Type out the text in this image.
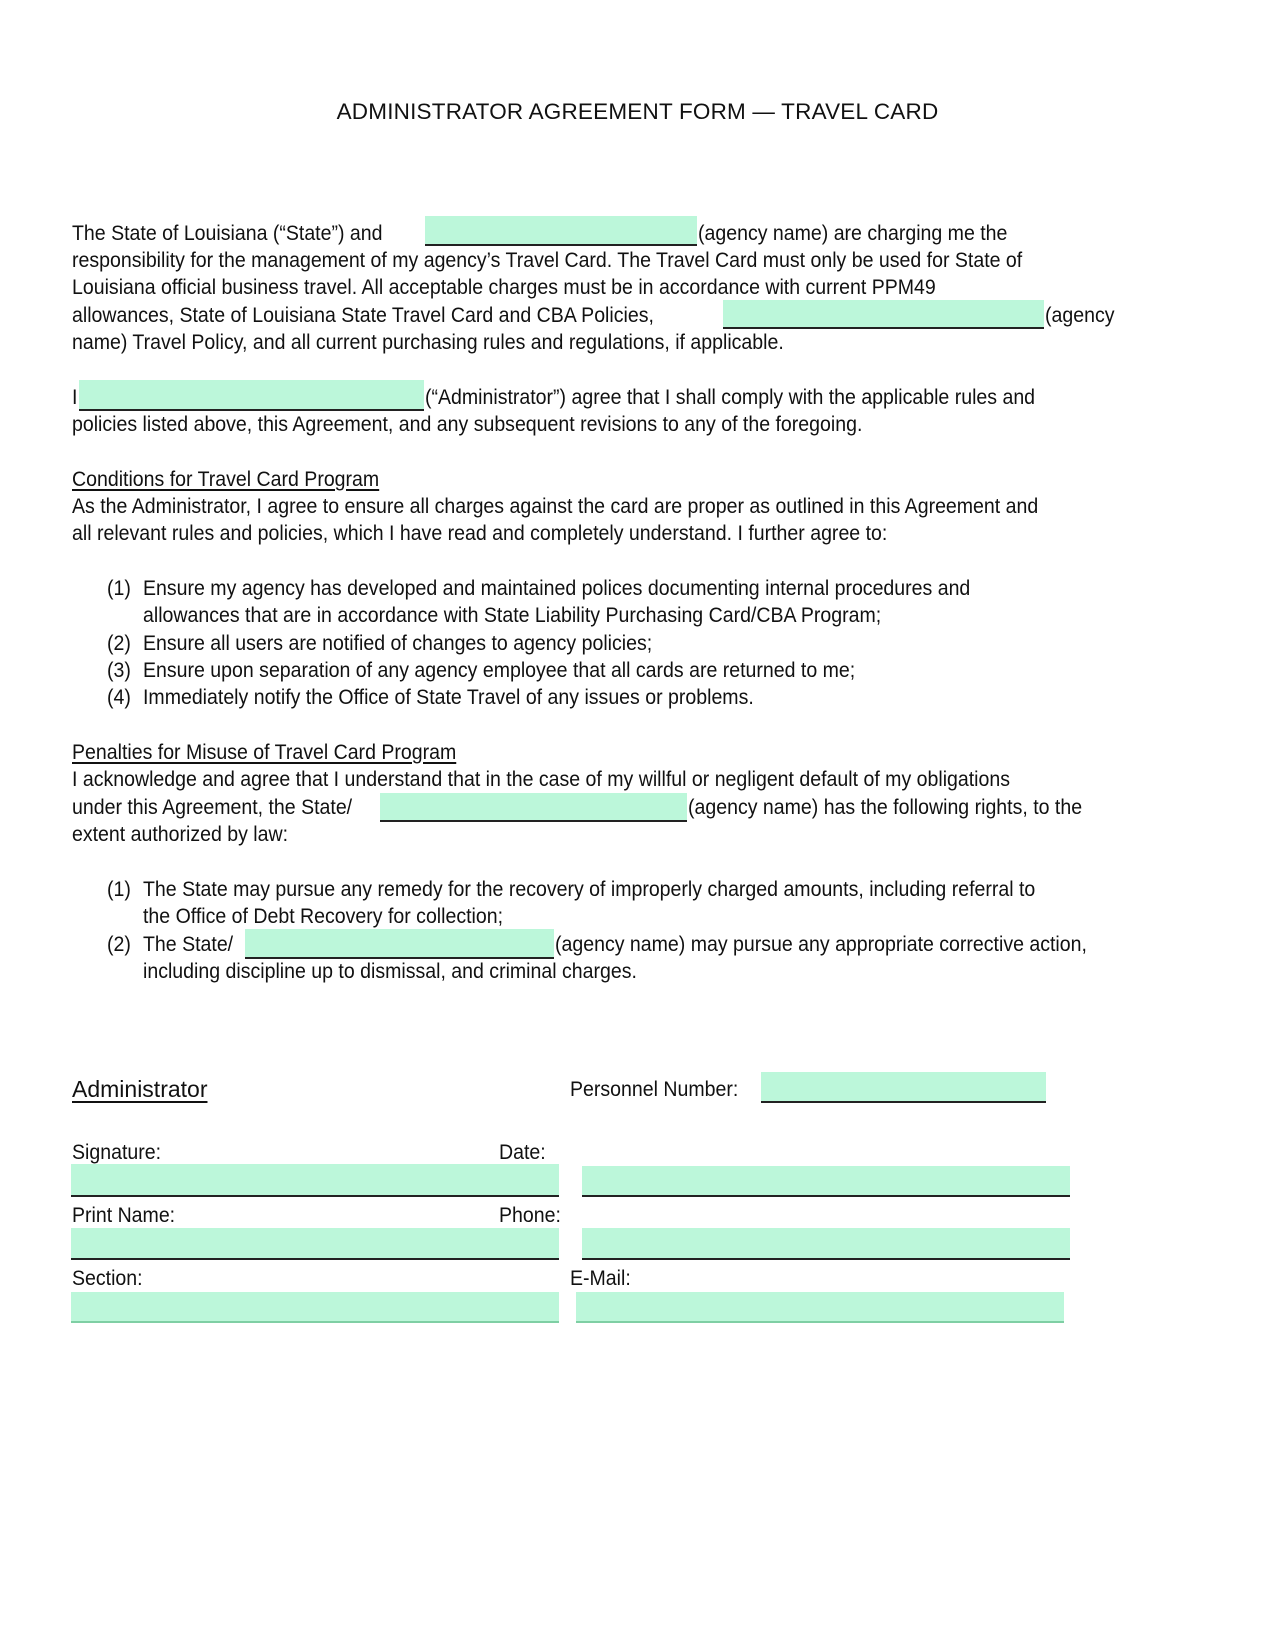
ADMINISTRATOR AGREEMENT FORM — TRAVEL CARD
The State of Louisiana (“State”) and	(agency name) are charging me the
responsibility for the management of my agency’s Travel Card. The Travel Card must only be used for State of
Louisiana official business travel. All acceptable charges must be in accordance with current PPM49
allowances, State of Louisiana State Travel Card and CBA Policies,	(agency
name) Travel Policy, and all current purchasing rules and regulations, if applicable.
I	(“Administrator”) agree that I shall comply with the applicable rules and
policies listed above, this Agreement, and any subsequent revisions to any of the foregoing.
Conditions for Travel Card Program
As the Administrator, I agree to ensure all charges against the card are proper as outlined in this Agreement and
all relevant rules and policies, which I have read and completely understand. I further agree to:
(1) Ensure my agency has developed and maintained polices documenting internal procedures and
allowances that are in accordance with State Liability Purchasing Card/CBA Program;
(2) Ensure all users are notified of changes to agency policies;
(3) Ensure upon separation of any agency employee that all cards are returned to me;
(4) Immediately notify the Office of State Travel of any issues or problems.
Penalties for Misuse of Travel Card Program
I acknowledge and agree that I understand that in the case of my willful or negligent default of my obligations
under this Agreement, the State/	(agency name) has the following rights, to the
extent authorized by law:
(1) The State may pursue any remedy for the recovery of improperly charged amounts, including referral to
the Office of Debt Recovery for collection;
(2) The State/	(agency name) may pursue any appropriate corrective action,
including discipline up to dismissal, and criminal charges.
Administrator	Personnel Number:
Signature:	Date:
Print Name:	Phone:
Section:	E-Mail:
